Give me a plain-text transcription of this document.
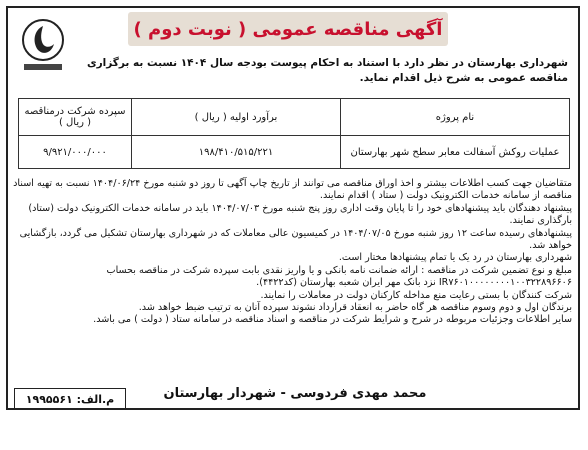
آگهی مناقصه عمومی ( نوبت دوم )
شهرداری بهارستان در نظر دارد با استناد به احکام پیوست بودجه سال ۱۴۰۴ نسبت به برگزاری مناقصه عمومی به شرح ذیل اقدام نماید.
نام پروژه	برآورد اولیه ( ریال )	سپرده شرکت درمناقصه ( ریال )
عملیات روکش آسفالت معابر سطح شهر بهارستان	۱۹۸/۴۱۰/۵۱۵/۲۲۱	۹/۹۲۱/۰۰۰/۰۰۰

متقاضیان جهت کسب اطلاعات بیشتر و اخذ اوراق مناقصه می توانند از تاریخ چاپ آگهی تا روز دو شنبه مورخ ۱۴۰۴/۰۶/۲۴ نسبت به تهیه اسناد مناقصه از سامانه خدمات الکترونیک دولت ( ستاد ) اقدام نمایند.

پیشنهاد دهندگان باید پیشنهادهای خود را تا پایان وقت اداری روز پنج شنبه مورخ ۱۴۰۴/۰۷/۰۳ باید در سامانه خدمات الکترونیک دولت (ستاد) بارگذاری نمایند.

پیشنهادهای رسیده ساعت ۱۲ روز شنبه مورخ ۱۴۰۴/۰۷/۰۵ در کمیسیون عالی معاملات که در شهرداری بهارستان تشکیل می گردد، بازگشایی خواهد شد.

شهرداری بهارستان در رد یک یا تمام پیشنهادها مختار است.

مبلغ و نوع تضمین شرکت در مناقصه : ارائه ضمانت نامه بانکی و یا واریز نقدی بابت سپرده شرکت در مناقصه بحساب IR۷۶۰۱۰۰۰۰۰۰۰۰۱۰۰۳۲۲۸۹۶۶۰۶ نزد بانک مهر ایران شعبه بهارستان (کد۴۴۲۲).

شرکت کنندگان با بستی رعایت منع مداخله کارکنان دولت در معاملات را نمایند.

برندگان اول و دوم وسوم مناقصه هر گاه حاضر به انعقاد قرارداد نشوند سپرده آنان به ترتیب ضبط خواهد شد.

سایر اطلاعات وجزئیات مربوطه در شرح و شرایط شرکت در مناقصه و اسناد مناقصه در سامانه ستاد ( دولت ) می باشد.

محمد مهدی فردوسی - شهردار بهارستان
م.الف: ۱۹۹۵۵۶۱
